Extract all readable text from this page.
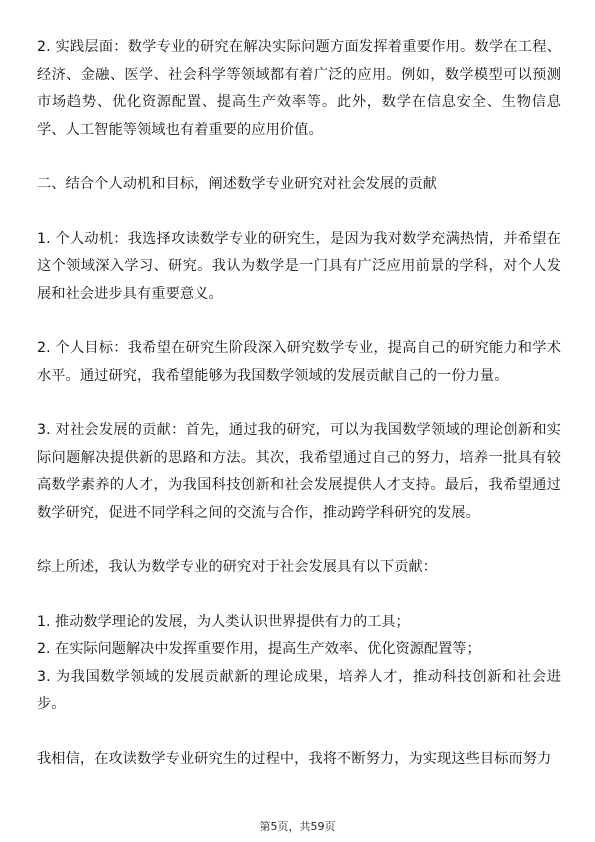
2. 实践层面：数学专业的研究在解决实际问题方面发挥着重要作用。数学在工程、经济、金融、医学、社会科学等领域都有着广泛的应用。例如，数学模型可以预测市场趋势、优化资源配置、提高生产效率等。此外，数学在信息安全、生物信息学、人工智能等领域也有着重要的应用价值。

二、结合个人动机和目标，阐述数学专业研究对社会发展的贡献

1. 个人动机：我选择攻读数学专业的研究生，是因为我对数学充满热情，并希望在这个领域深入学习、研究。我认为数学是一门具有广泛应用前景的学科，对个人发展和社会进步具有重要意义。

2. 个人目标：我希望在研究生阶段深入研究数学专业，提高自己的研究能力和学术水平。通过研究，我希望能够为我国数学领域的发展贡献自己的一份力量。

3. 对社会发展的贡献：首先，通过我的研究，可以为我国数学领域的理论创新和实际问题解决提供新的思路和方法。其次，我希望通过自己的努力，培养一批具有较高数学素养的人才，为我国科技创新和社会发展提供人才支持。最后，我希望通过数学研究，促进不同学科之间的交流与合作，推动跨学科研究的发展。

综上所述，我认为数学专业的研究对于社会发展具有以下贡献：

1. 推动数学理论的发展，为人类认识世界提供有力的工具；

2. 在实际问题解决中发挥重要作用，提高生产效率、优化资源配置等；

3. 为我国数学领域的发展贡献新的理论成果，培养人才，推动科技创新和社会进步。

我相信，在攻读数学专业研究生的过程中，我将不断努力，为实现这些目标而努力

第5页，共59页
